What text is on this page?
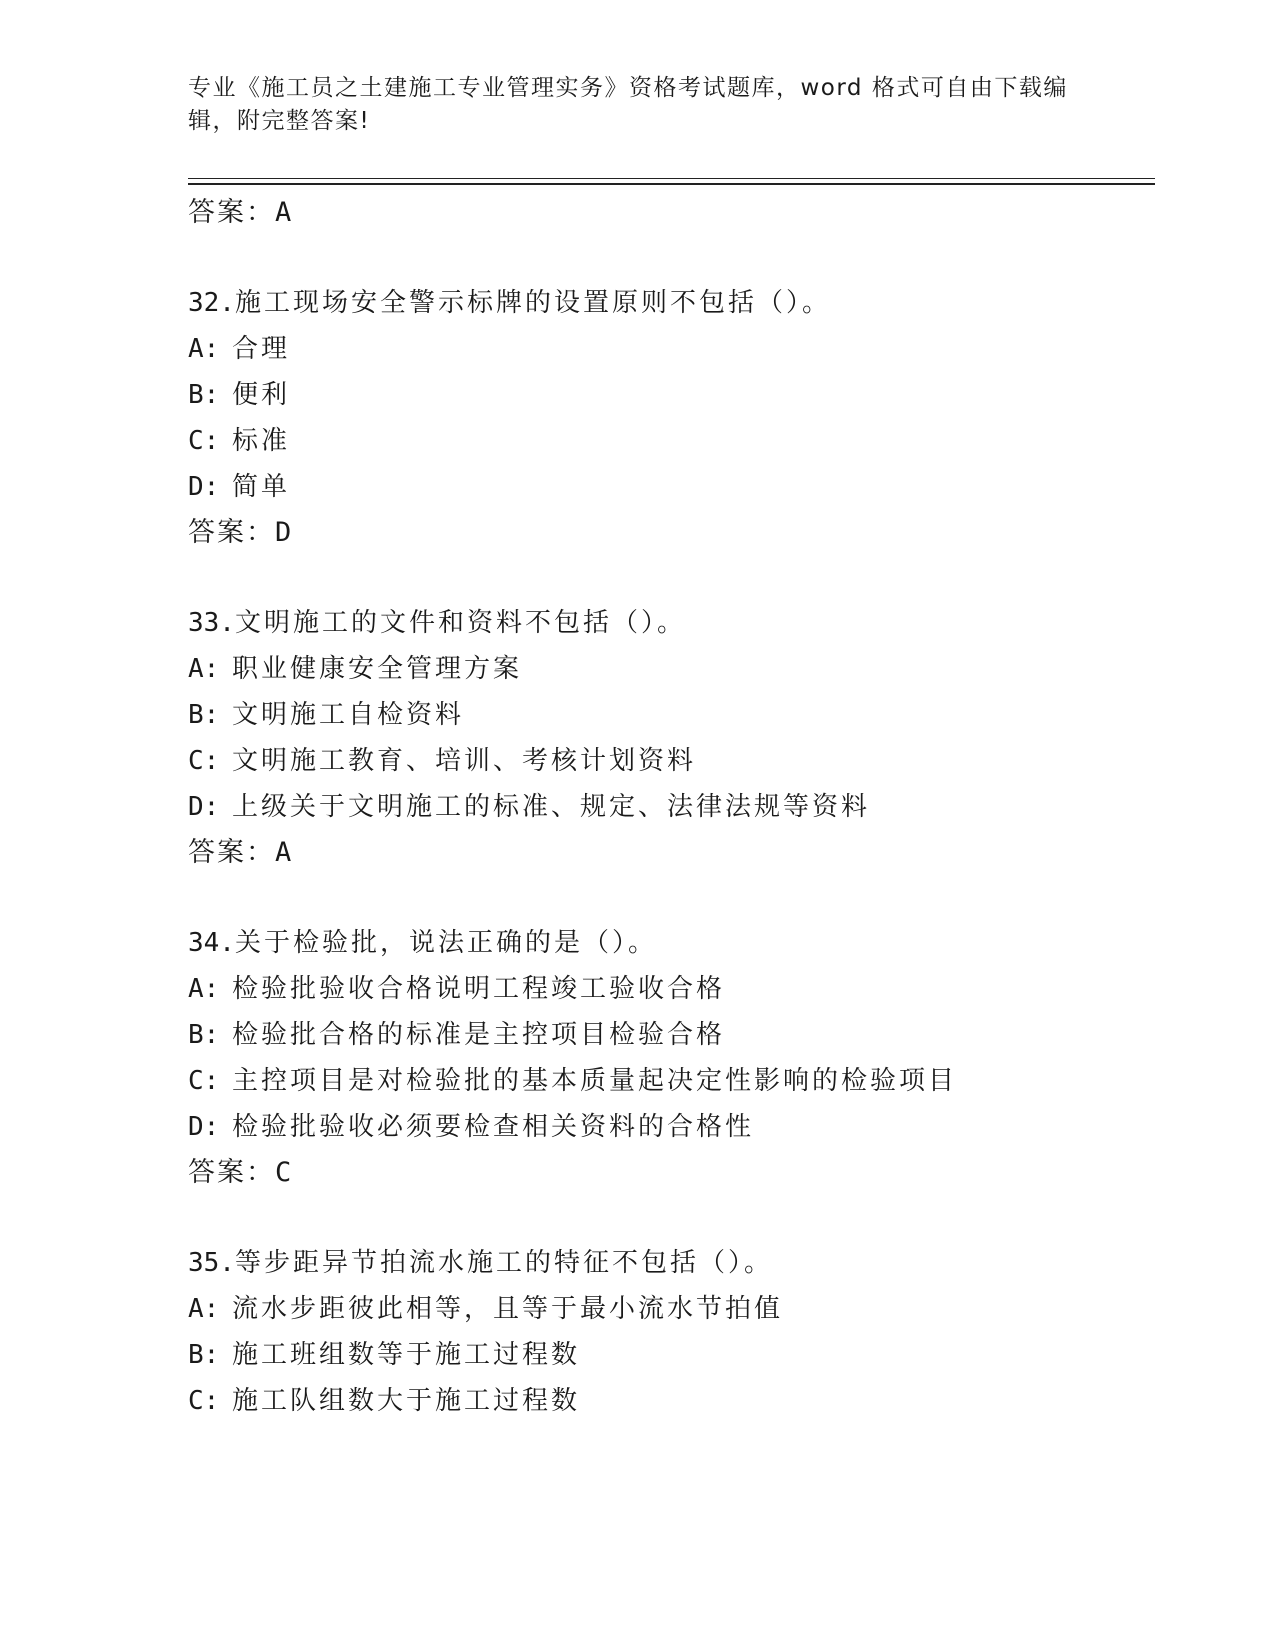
专业《施工员之土建施工专业管理实务》资格考试题库，word 格式可自由下载编
辑，附完整答案!
答案：A
32.施工现场安全警示标牌的设置原则不包括（）。
A: 合理
B: 便利
C: 标准
D: 简单
答案：D
33.文明施工的文件和资料不包括（）。
A: 职业健康安全管理方案
B: 文明施工自检资料
C: 文明施工教育、培训、考核计划资料
D: 上级关于文明施工的标准、规定、法律法规等资料
答案：A
34.关于检验批，说法正确的是（）。
A: 检验批验收合格说明工程竣工验收合格
B: 检验批合格的标准是主控项目检验合格
C: 主控项目是对检验批的基本质量起决定性影响的检验项目
D: 检验批验收必须要检查相关资料的合格性
答案：C
35.等步距异节拍流水施工的特征不包括（）。
A: 流水步距彼此相等，且等于最小流水节拍值
B: 施工班组数等于施工过程数
C: 施工队组数大于施工过程数
